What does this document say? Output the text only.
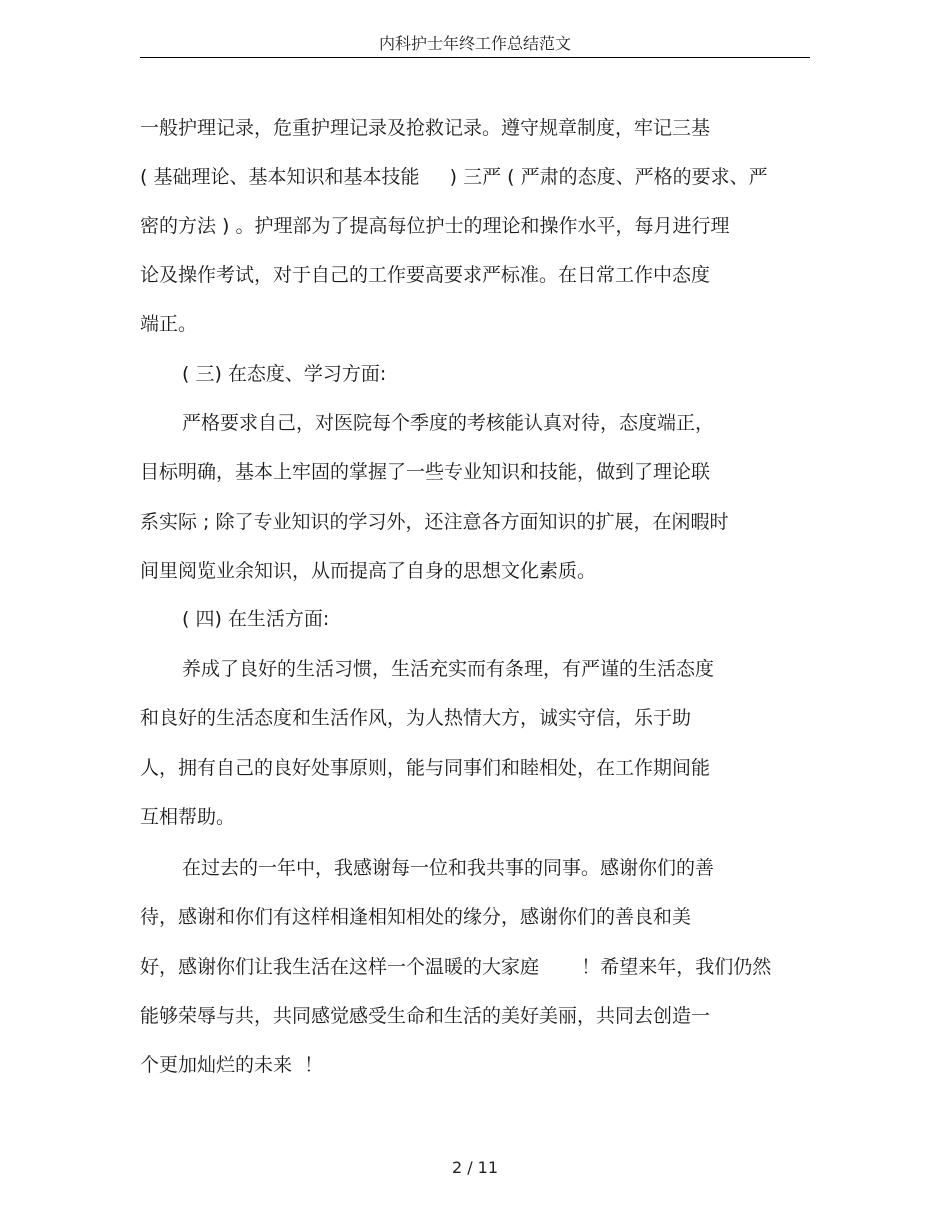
内科护士年终工作总结范文
一般护理记录，危重护理记录及抢救记录。遵守规章制度，牢记三基
( 基础理论、基本知识和基本技能     ) 三严 ( 严肃的态度、严格的要求、严
密的方法 ) 。护理部为了提高每位护士的理论和操作水平，每月进行理
论及操作考试，对于自己的工作要高要求严标准。在日常工作中态度
端正。
( 三) 在态度、学习方面:
严格要求自己，对医院每个季度的考核能认真对待，态度端正，
目标明确，基本上牢固的掌握了一些专业知识和技能，做到了理论联
系实际 ; 除了专业知识的学习外，还注意各方面知识的扩展，在闲暇时
间里阅览业余知识，从而提高了自身的思想文化素质。
( 四) 在生活方面:
养成了良好的生活习惯，生活充实而有条理，有严谨的生活态度
和良好的生活态度和生活作风，为人热情大方，诚实守信，乐于助
人，拥有自己的良好处事原则，能与同事们和睦相处，在工作期间能
互相帮助。
在过去的一年中，我感谢每一位和我共事的同事。感谢你们的善
待，感谢和你们有这样相逢相知相处的缘分，感谢你们的善良和美
好，感谢你们让我生活在这样一个温暖的大家庭       ！希望来年，我们仍然
能够荣辱与共，共同感觉感受生命和生活的美好美丽，共同去创造一
个更加灿烂的未来  ！
2 / 11
